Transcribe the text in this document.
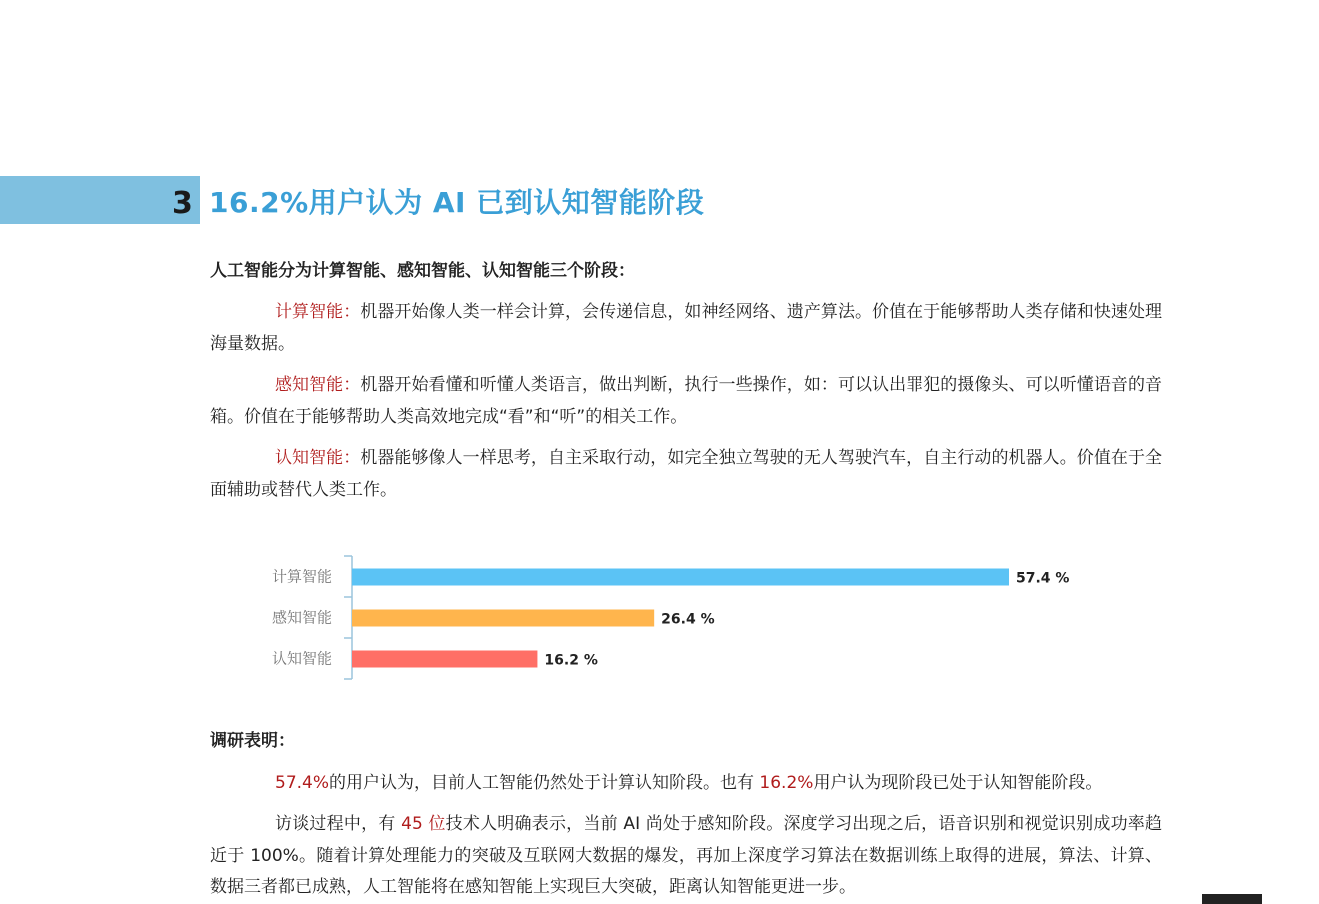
3 16.2%用户认为 AI 已到认知智能阶段
人工智能分为计算智能、感知智能、认知智能三个阶段：
计算智能：机器开始像人类一样会计算，会传递信息，如神经网络、遗产算法。价值在于能够帮助人类存储和快速处理海量数据。
感知智能：机器开始看懂和听懂人类语言，做出判断，执行一些操作，如：可以认出罪犯的摄像头、可以听懂语音的音箱。价值在于能够帮助人类高效地完成“看”和“听”的相关工作。
认知智能：机器能够像人一样思考，自主采取行动，如完全独立驾驶的无人驾驶汽车，自主行动的机器人。价值在于全面辅助或替代人类工作。
计算智能	57.4 %
感知智能	26.4 %
认知智能	16.2 %
调研表明：
57.4%的用户认为，目前人工智能仍然处于计算认知阶段。也有 16.2%用户认为现阶段已处于认知智能阶段。
访谈过程中，有 45 位技术人明确表示，当前 AI 尚处于感知阶段。深度学习出现之后，语音识别和视觉识别成功率趋近于 100%。随着计算处理能力的突破及互联网大数据的爆发，再加上深度学习算法在数据训练上取得的进展，算法、计算、数据三者都已成熟，人工智能将在感知智能上实现巨大突破，距离认知智能更进一步。
